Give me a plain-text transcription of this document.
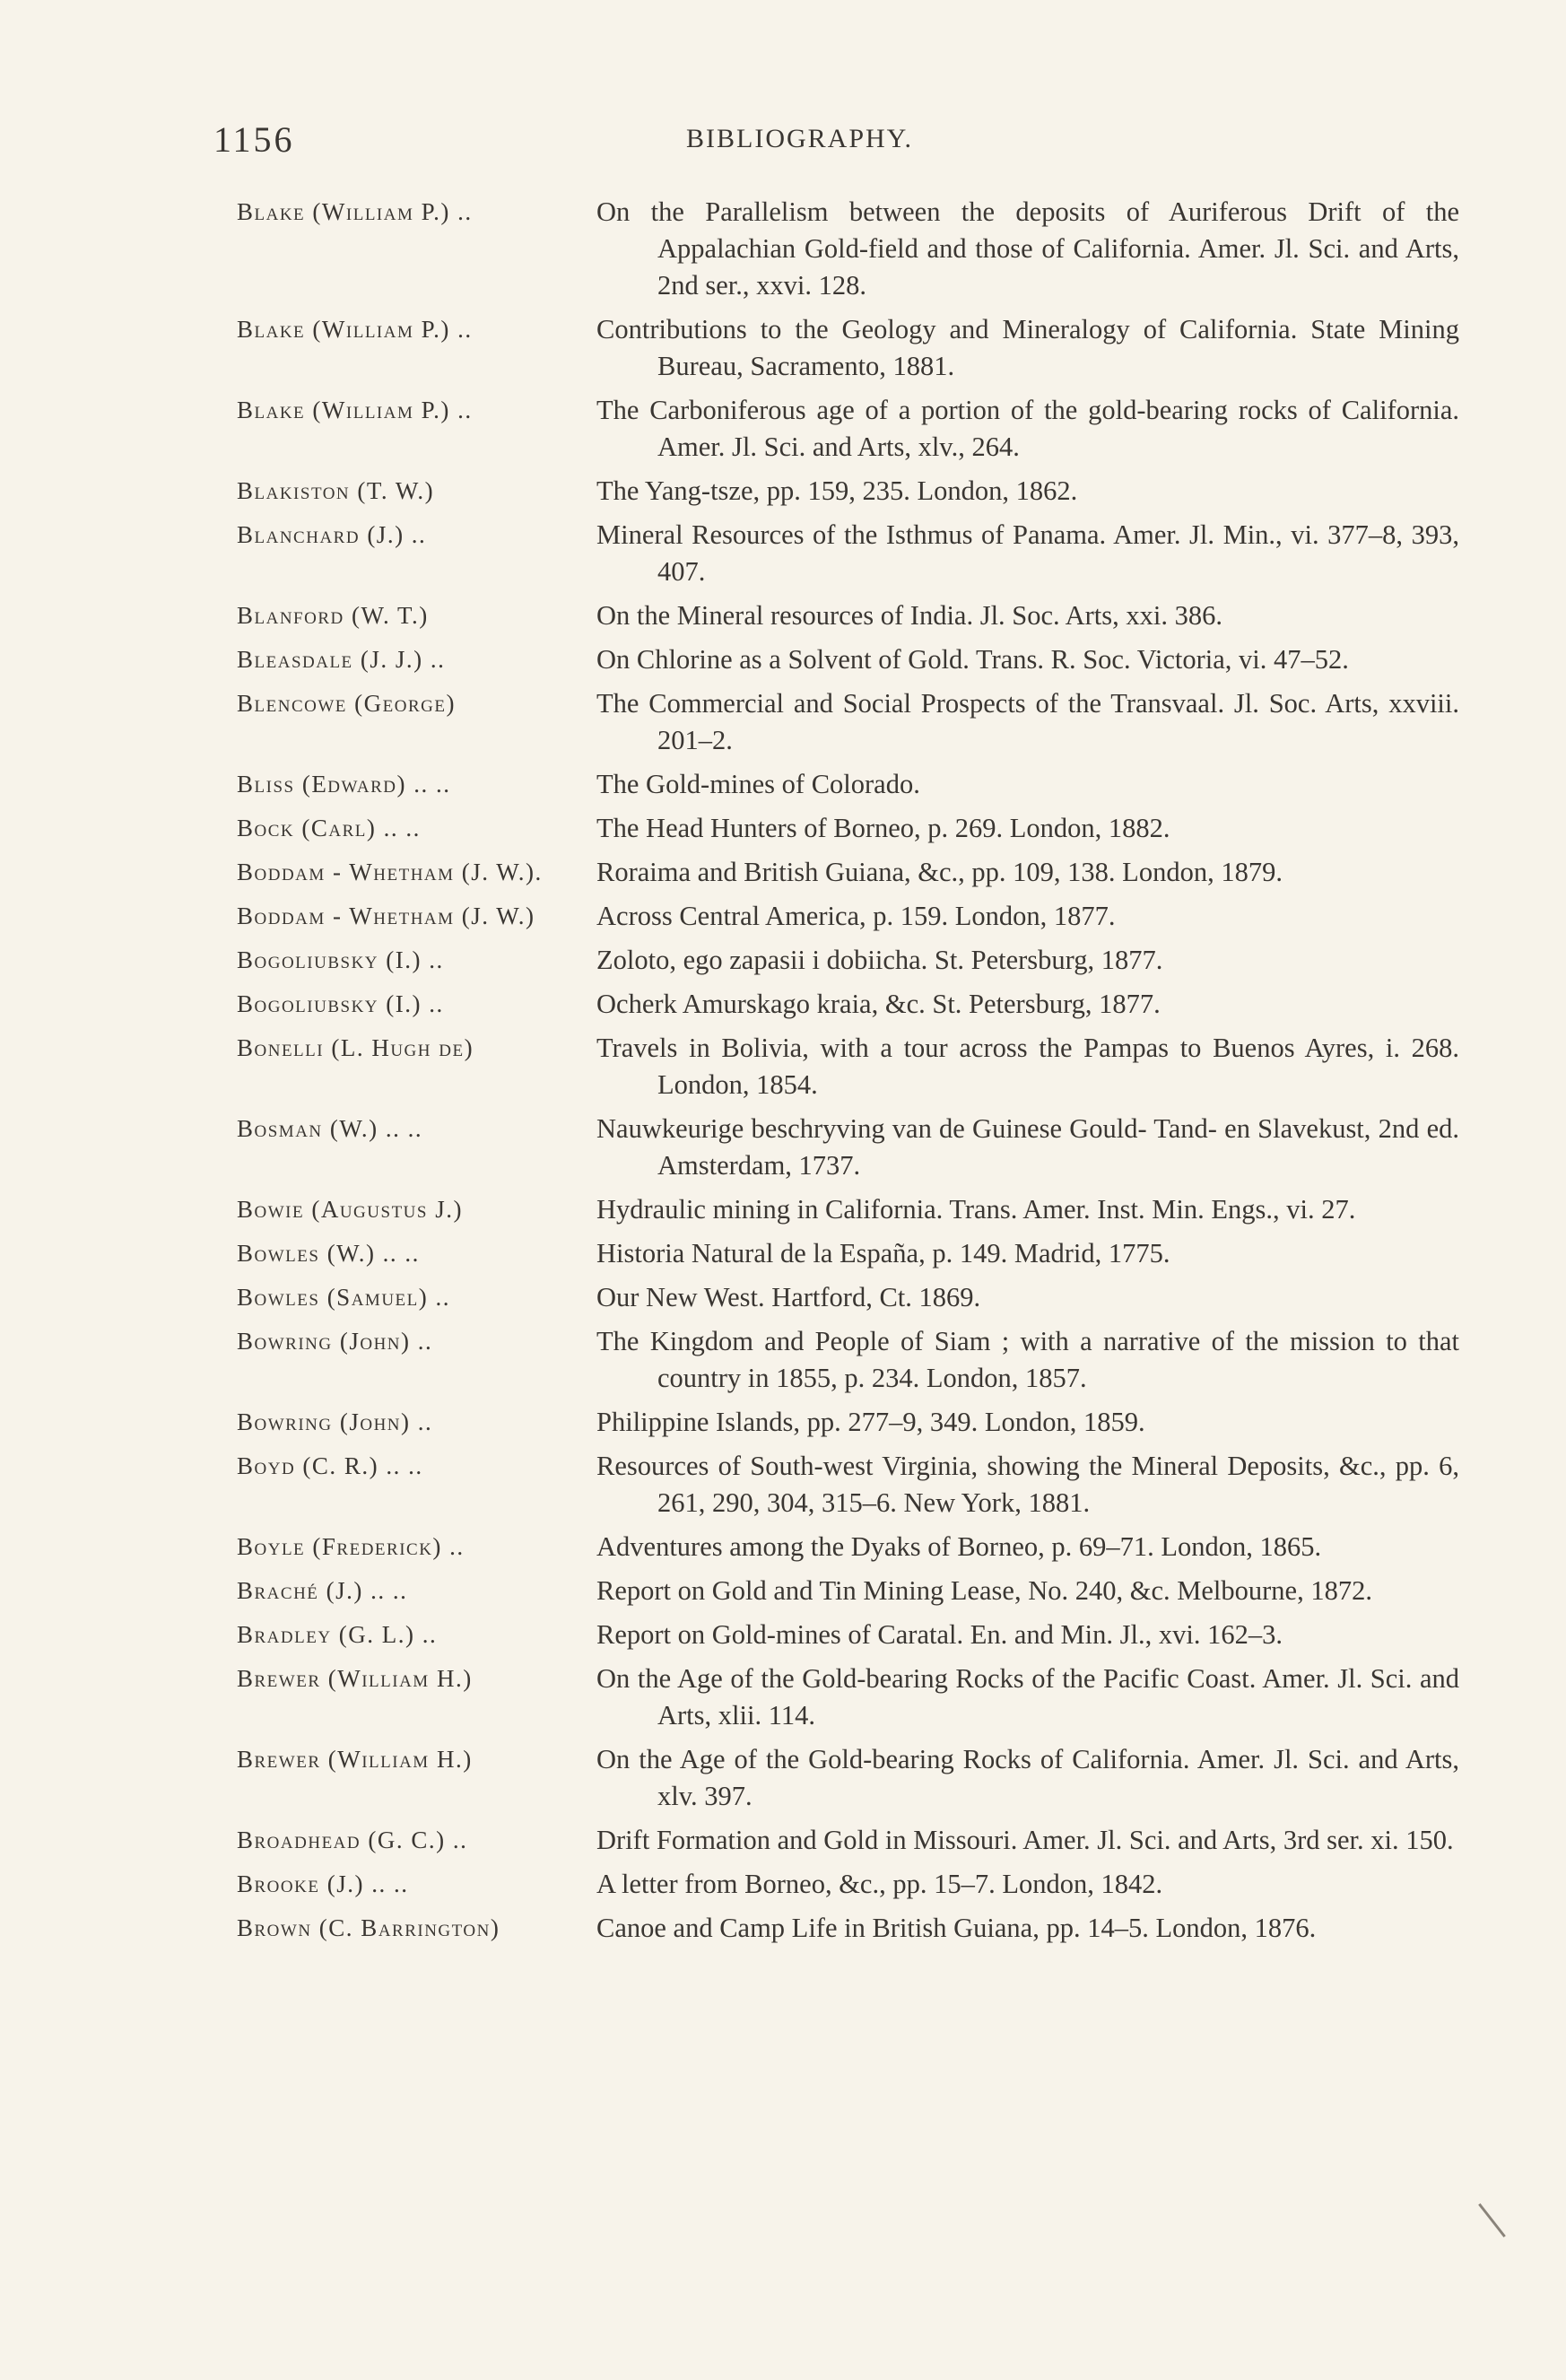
1156	BIBLIOGRAPHY.
Blake (William P.) ..	On the Parallelism between the deposits of Auriferous Drift of the Appalachian Gold-field and those of California. Amer. Jl. Sci. and Arts, 2nd ser., xxvi. 128.
Blake (William P.) ..	Contributions to the Geology and Mineralogy of California. State Mining Bureau, Sacramento, 1881.
Blake (William P.) ..	The Carboniferous age of a portion of the gold-bearing rocks of California. Amer. Jl. Sci. and Arts, xlv., 264.
Blakiston (T. W.)	The Yang-tsze, pp. 159, 235. London, 1862.
Blanchard (J.) ..	Mineral Resources of the Isthmus of Panama. Amer. Jl. Min., vi. 377–8, 393, 407.
Blanford (W. T.)	On the Mineral resources of India. Jl. Soc. Arts, xxi. 386.
Bleasdale (J. J.) ..	On Chlorine as a Solvent of Gold. Trans. R. Soc. Victoria, vi. 47–52.
Blencowe (George)	The Commercial and Social Prospects of the Transvaal. Jl. Soc. Arts, xxviii. 201–2.
Bliss (Edward) .. ..	The Gold-mines of Colorado.
Bock (Carl) .. ..	The Head Hunters of Borneo, p. 269. London, 1882.
Boddam - Whetham (J. W.).	Roraima and British Guiana, &c., pp. 109, 138. London, 1879.
Boddam - Whetham (J. W.)	Across Central America, p. 159. London, 1877.
Bogoliubsky (I.) ..	Zoloto, ego zapasii i dobiicha. St. Petersburg, 1877.
Bogoliubsky (I.) ..	Ocherk Amurskago kraia, &c. St. Petersburg, 1877.
Bonelli (L. Hugh de)	Travels in Bolivia, with a tour across the Pampas to Buenos Ayres, i. 268. London, 1854.
Bosman (W.) .. ..	Nauwkeurige beschryving van de Guinese Gould- Tand- en Slavekust, 2nd ed. Amsterdam, 1737.
Bowie (Augustus J.)	Hydraulic mining in California. Trans. Amer. Inst. Min. Engs., vi. 27.
Bowles (W.) .. ..	Historia Natural de la España, p. 149. Madrid, 1775.
Bowles (Samuel) ..	Our New West. Hartford, Ct. 1869.
Bowring (John) ..	The Kingdom and People of Siam ; with a narrative of the mission to that country in 1855, p. 234. London, 1857.
Bowring (John) ..	Philippine Islands, pp. 277–9, 349. London, 1859.
Boyd (C. R.) .. ..	Resources of South-west Virginia, showing the Mineral Deposits, &c., pp. 6, 261, 290, 304, 315–6. New York, 1881.
Boyle (Frederick) ..	Adventures among the Dyaks of Borneo, p. 69–71. London, 1865.
Braché (J.) .. ..	Report on Gold and Tin Mining Lease, No. 240, &c. Melbourne, 1872.
Bradley (G. L.) ..	Report on Gold-mines of Caratal. En. and Min. Jl., xvi. 162–3.
Brewer (William H.)	On the Age of the Gold-bearing Rocks of the Pacific Coast. Amer. Jl. Sci. and Arts, xlii. 114.
Brewer (William H.)	On the Age of the Gold-bearing Rocks of California. Amer. Jl. Sci. and Arts, xlv. 397.
Broadhead (G. C.) ..	Drift Formation and Gold in Missouri. Amer. Jl. Sci. and Arts, 3rd ser. xi. 150.
Brooke (J.) .. ..	A letter from Borneo, &c., pp. 15–7. London, 1842.
Brown (C. Barrington)	Canoe and Camp Life in British Guiana, pp. 14–5. London, 1876.
